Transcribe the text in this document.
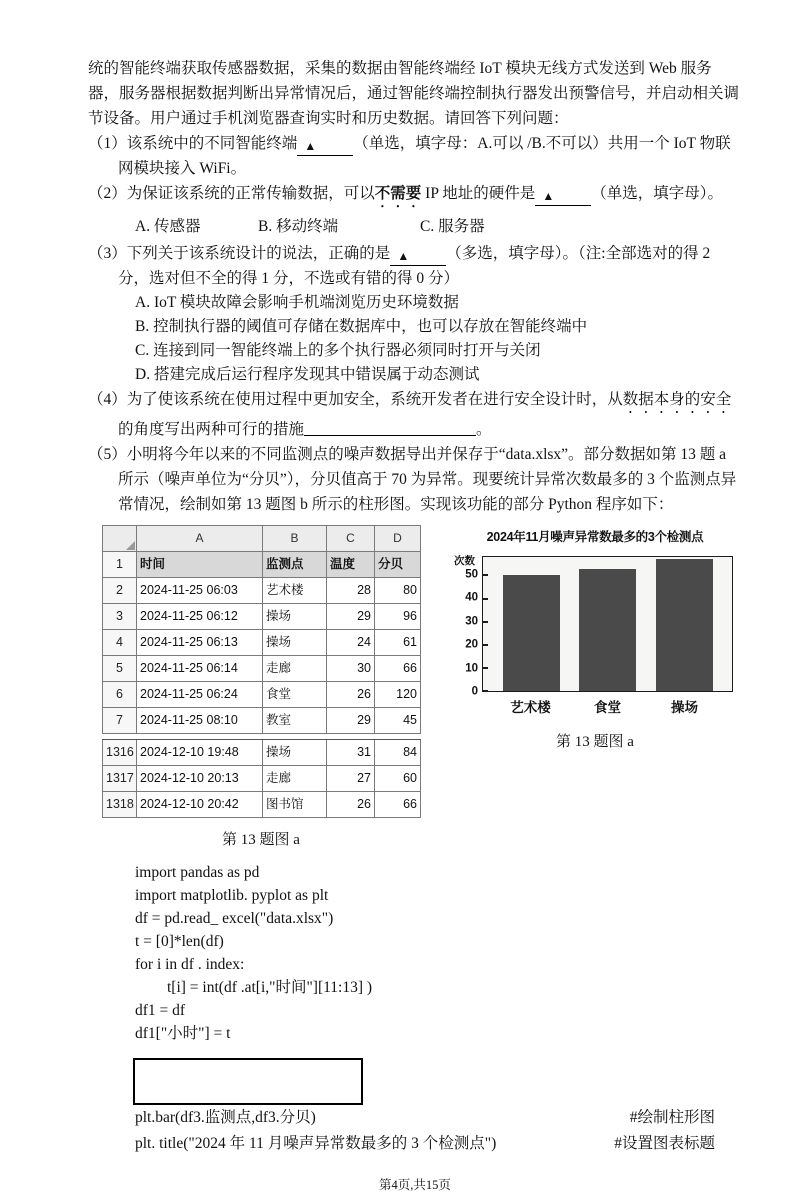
统的智能终端获取传感器数据，采集的数据由智能终端经 IoT 模块无线方式发送到 Web 服务器，服务器根据数据判断出异常情况后，通过智能终端控制执行器发出预警信号，并启动相关调节设备。用户通过手机浏览器查询实时和历史数据。请回答下列问题：

（1）该系统中的不同智能终端 ▲ （单选，填字母：A.可以 /B.不可以）共用一个 IoT 物联网模块接入 WiFi。

（2）为保证该系统的正常传输数据，可以不需要 IP 地址的硬件是 ▲ （单选，填字母）。

A. 传感器	B. 移动终端	C. 服务器

（3）下列关于该系统设计的说法，正确的是 ▲ （多选，填字母）。（注:全部选对的得 2 分，选对但不全的得 1 分，不选或有错的得 0 分）

A. IoT 模块故障会影响手机端浏览历史环境数据

B. 控制执行器的阈值可存储在数据库中，也可以存放在智能终端中

C. 连接到同一智能终端上的多个执行器必须同时打开与关闭

D. 搭建完成后运行程序发现其中错误属于动态测试

（4）为了使该系统在使用过程中更加安全，系统开发者在进行安全设计时，从数据本身的安全的角度写出两种可行的措施	。

（5）小明将今年以来的不同监测点的噪声数据导出并保存于“data.xlsx”。部分数据如第 13 题 a 所示（噪声单位为“分贝”），分贝值高于 70 为异常。现要统计异常次数最多的 3 个监测点异常情况，绘制如第 13 题图 b 所示的柱形图。实现该功能的部分 Python 程序如下：

	A	B	C	D
1	时间	监测点	温度	分贝
2	2024-11-25 06:03	艺术楼	28	80
3	2024-11-25 06:12	操场	29	96
4	2024-11-25 06:13	操场	24	61
5	2024-11-25 06:14	走廊	30	66
6	2024-11-25 06:24	食堂	26	120
7	2024-11-25 08:10	教室	29	45

1316	2024-12-10 19:48	操场	31	84
1317	2024-12-10 20:13	走廊	27	60
1318	2024-12-10 20:42	图书馆	26	66
第 13 题图 a
2024年11月噪声异常数最多的3个检测点
次数
0
10
20
30
40
50
艺术楼	食堂	操场
第 13 题图 a
import pandas as pd
import matplotlib. pyplot as plt
df = pd.read_ excel("data.xlsx")
t = [0]*len(df)
for i in df . index:
t[i] = int(df .at[i,"时间"][11:13] )
df1 = df
df1["小时"] = t
plt.bar(df3.监测点,df3.分贝)	#绘制柱形图
plt. title("2024 年 11 月噪声异常数最多的 3 个检测点")	#设置图表标题
第4页,共15页
